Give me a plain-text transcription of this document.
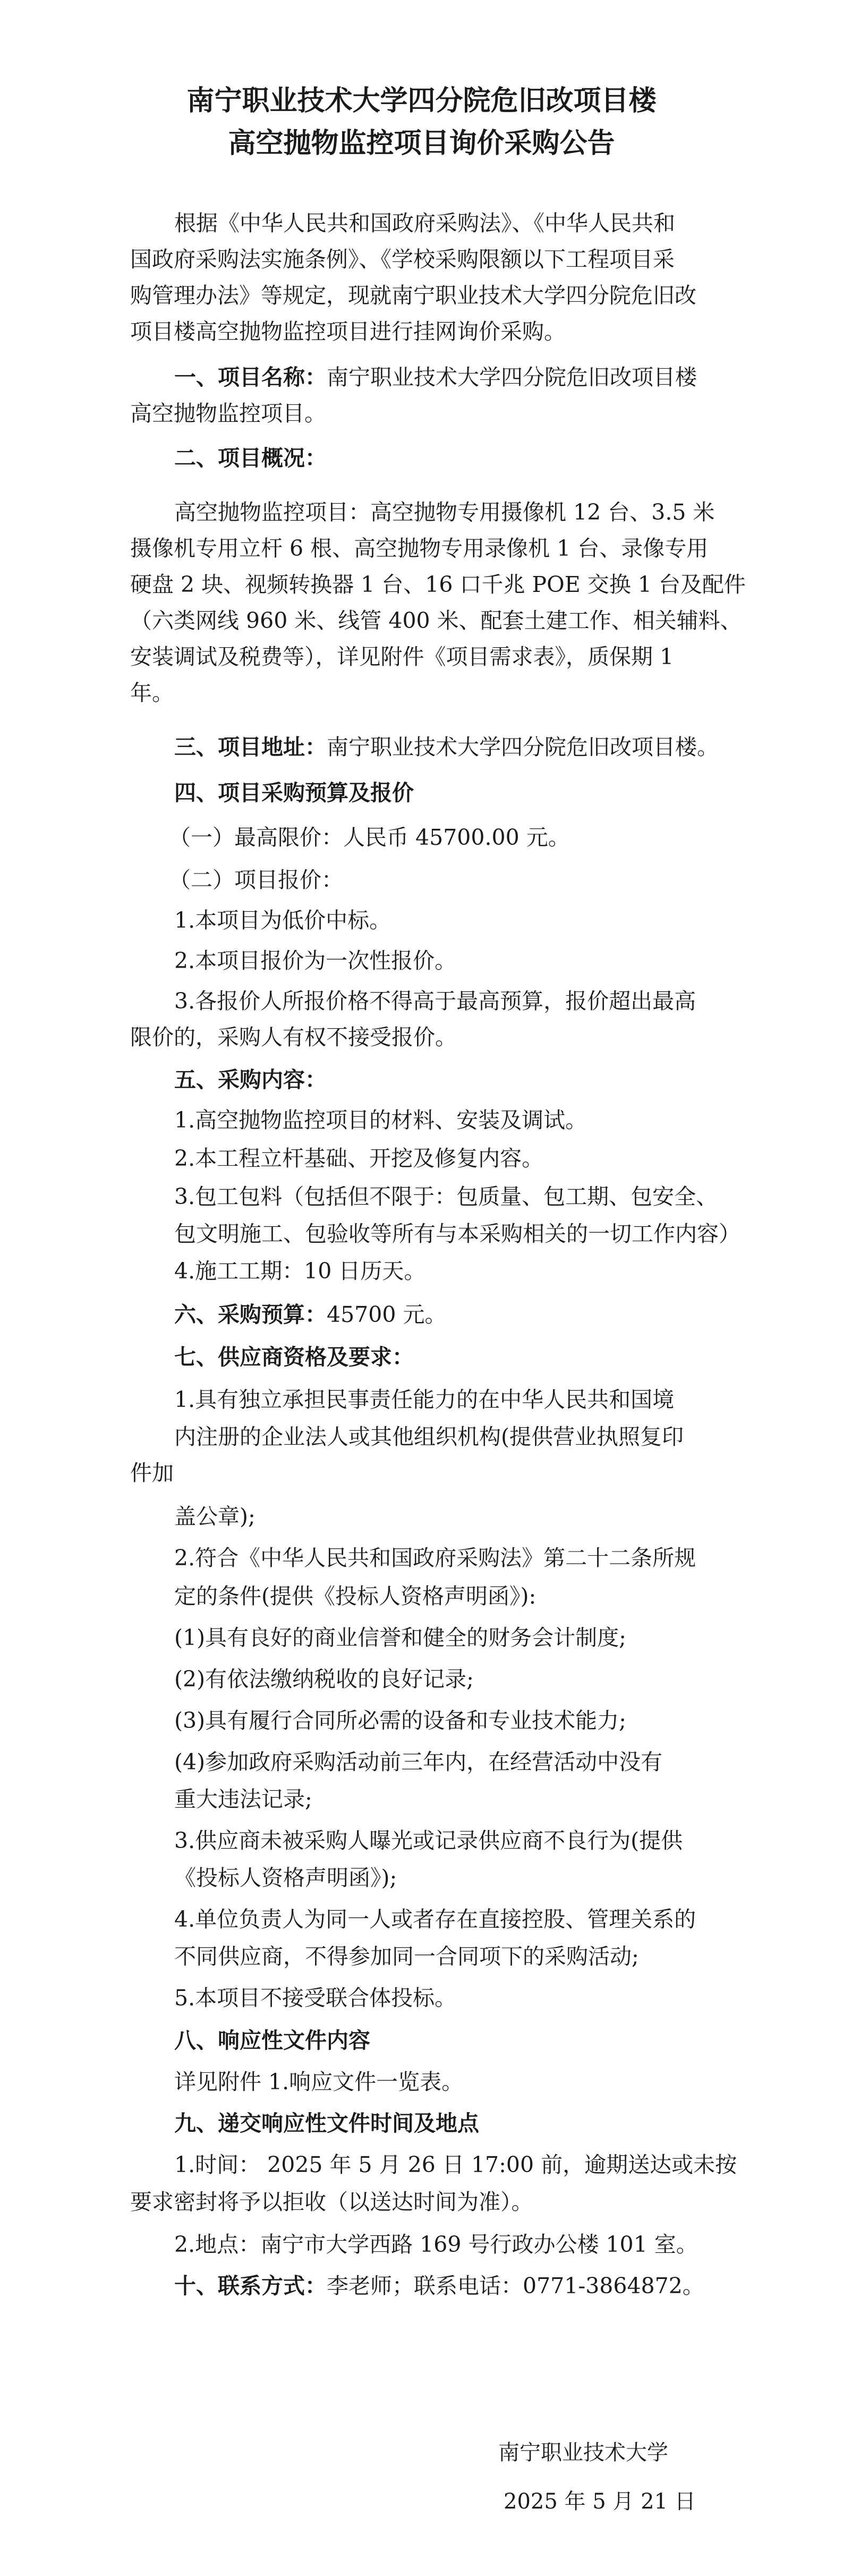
南宁职业技术大学四分院危旧改项目楼
高空抛物监控项目询价采购公告
根据《中华人民共和国政府采购法》、《中华人民共和
国政府采购法实施条例》、《学校采购限额以下工程项目采
购管理办法》等规定，现就南宁职业技术大学四分院危旧改
项目楼高空抛物监控项目进行挂网询价采购。
一、项目名称：南宁职业技术大学四分院危旧改项目楼
高空抛物监控项目。
二、项目概况：
高空抛物监控项目：高空抛物专用摄像机 12 台、3.5 米
摄像机专用立杆 6 根、高空抛物专用录像机 1 台、录像专用
硬盘 2 块、视频转换器 1 台、16 口千兆 POE 交换 1 台及配件
（六类网线 960 米、线管 400 米、配套土建工作、相关辅料、
安装调试及税费等），详见附件《项目需求表》，质保期 1
年。
三、项目地址：南宁职业技术大学四分院危旧改项目楼。
四、项目采购预算及报价
（一）最高限价：人民币 45700.00 元。
（二）项目报价：
1.本项目为低价中标。
2.本项目报价为一次性报价。
3.各报价人所报价格不得高于最高预算，报价超出最高
限价的，采购人有权不接受报价。
五、采购内容：
1.高空抛物监控项目的材料、安装及调试。
2.本工程立杆基础、开挖及修复内容。
3.包工包料（包括但不限于：包质量、包工期、包安全、
包文明施工、包验收等所有与本采购相关的一切工作内容）
4.施工工期：10 日历天。
六、采购预算：45700 元。
七、供应商资格及要求：
1.具有独立承担民事责任能力的在中华人民共和国境
内注册的企业法人或其他组织机构(提供营业执照复印
件加
盖公章);
2.符合《中华人民共和国政府采购法》第二十二条所规
定的条件(提供《投标人资格声明函》):
(1)具有良好的商业信誉和健全的财务会计制度;
(2)有依法缴纳税收的良好记录;
(3)具有履行合同所必需的设备和专业技术能力;
(4)参加政府采购活动前三年内，在经营活动中没有
重大违法记录;
3.供应商未被采购人曝光或记录供应商不良行为(提供
《投标人资格声明函》);
4.单位负责人为同一人或者存在直接控股、管理关系的
不同供应商，不得参加同一合同项下的采购活动;
5.本项目不接受联合体投标。
八、响应性文件内容
详见附件 1.响应文件一览表。
九、递交响应性文件时间及地点
1.时间： 2025 年 5 月 26 日 17:00 前，逾期送达或未按
要求密封将予以拒收（以送达时间为准）。
2.地点：南宁市大学西路 169 号行政办公楼 101 室。
十、联系方式：李老师；联系电话：0771-3864872。
南宁职业技术大学
2025 年 5 月 21 日
